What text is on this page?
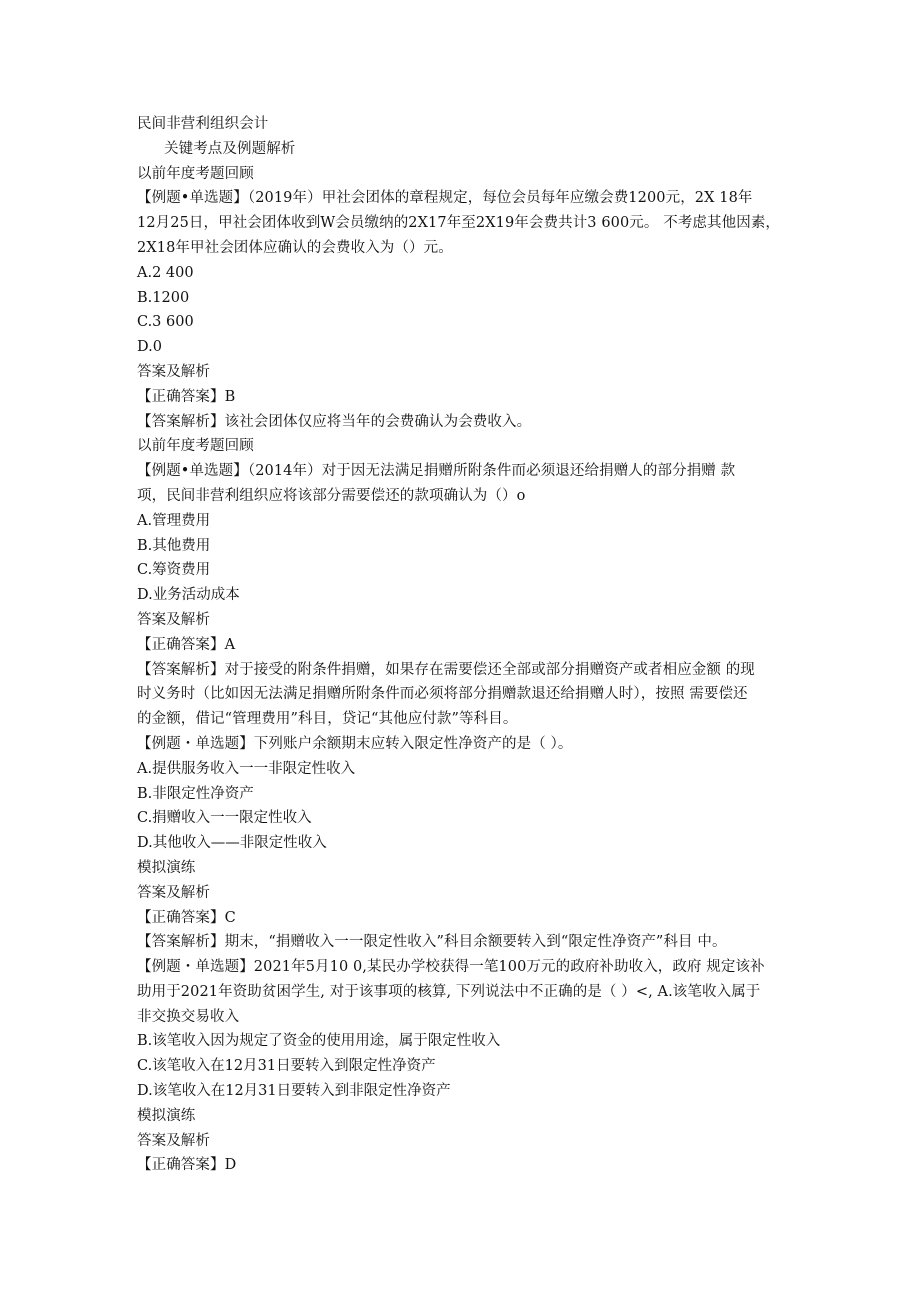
民间非营利组织会计
关键考点及例题解析
以前年度考题回顾
【例题•单选题】（2019年）甲社会团体的章程规定，每位会员每年应缴会费1200元，2X 18年
12月25日，甲社会团体收到W会员缴纳的2X17年至2X19年会费共计3 600元。 不考虑其他因素，
2X18年甲社会团体应确认的会费收入为（）元。
A.2 400
B.1200
C.3 600
D.0
答案及解析
【正确答案】B
【答案解析】该社会团体仅应将当年的会费确认为会费收入。
以前年度考题回顾
【例题•单选题】（2014年）对于因无法满足捐赠所附条件而必须退还给捐赠人的部分捐赠 款
项，民间非营利组织应将该部分需要偿还的款项确认为（）o
A.管理费用
B.其他费用
C.筹资费用
D.业务活动成本
答案及解析
【正确答案】A
【答案解析】对于接受的附条件捐赠，如果存在需要偿还全部或部分捐赠资产或者相应金额 的现
时义务时（比如因无法满足捐赠所附条件而必须将部分捐赠款退还给捐赠人时），按照 需要偿还
的金额，借记“管理费用”科目，贷记“其他应付款”等科目。
【例题・单选题】下列账户余额期末应转入限定性净资产的是（ ）。
A.提供服务收入一一非限定性收入
B.非限定性净资产
C.捐赠收入一一限定性收入
D.其他收入——非限定性收入
模拟演练
答案及解析
【正确答案】C
【答案解析】期末，“捐赠收入一一限定性收入”科目余额要转入到“限定性净资产”科目 中。
【例题・单选题】2021年5月10 0,某民办学校获得一笔100万元的政府补助收入，政府 规定该补
助用于2021年资助贫困学生, 对于该事项的核算, 下列说法中不正确的是（ ）<, A.该笔收入属于
非交换交易收入
B.该笔收入因为规定了资金的使用用途，属于限定性收入
C.该笔收入在12月31日要转入到限定性净资产
D.该笔收入在12月31日要转入到非限定性净资产
模拟演练
答案及解析
【正确答案】D
